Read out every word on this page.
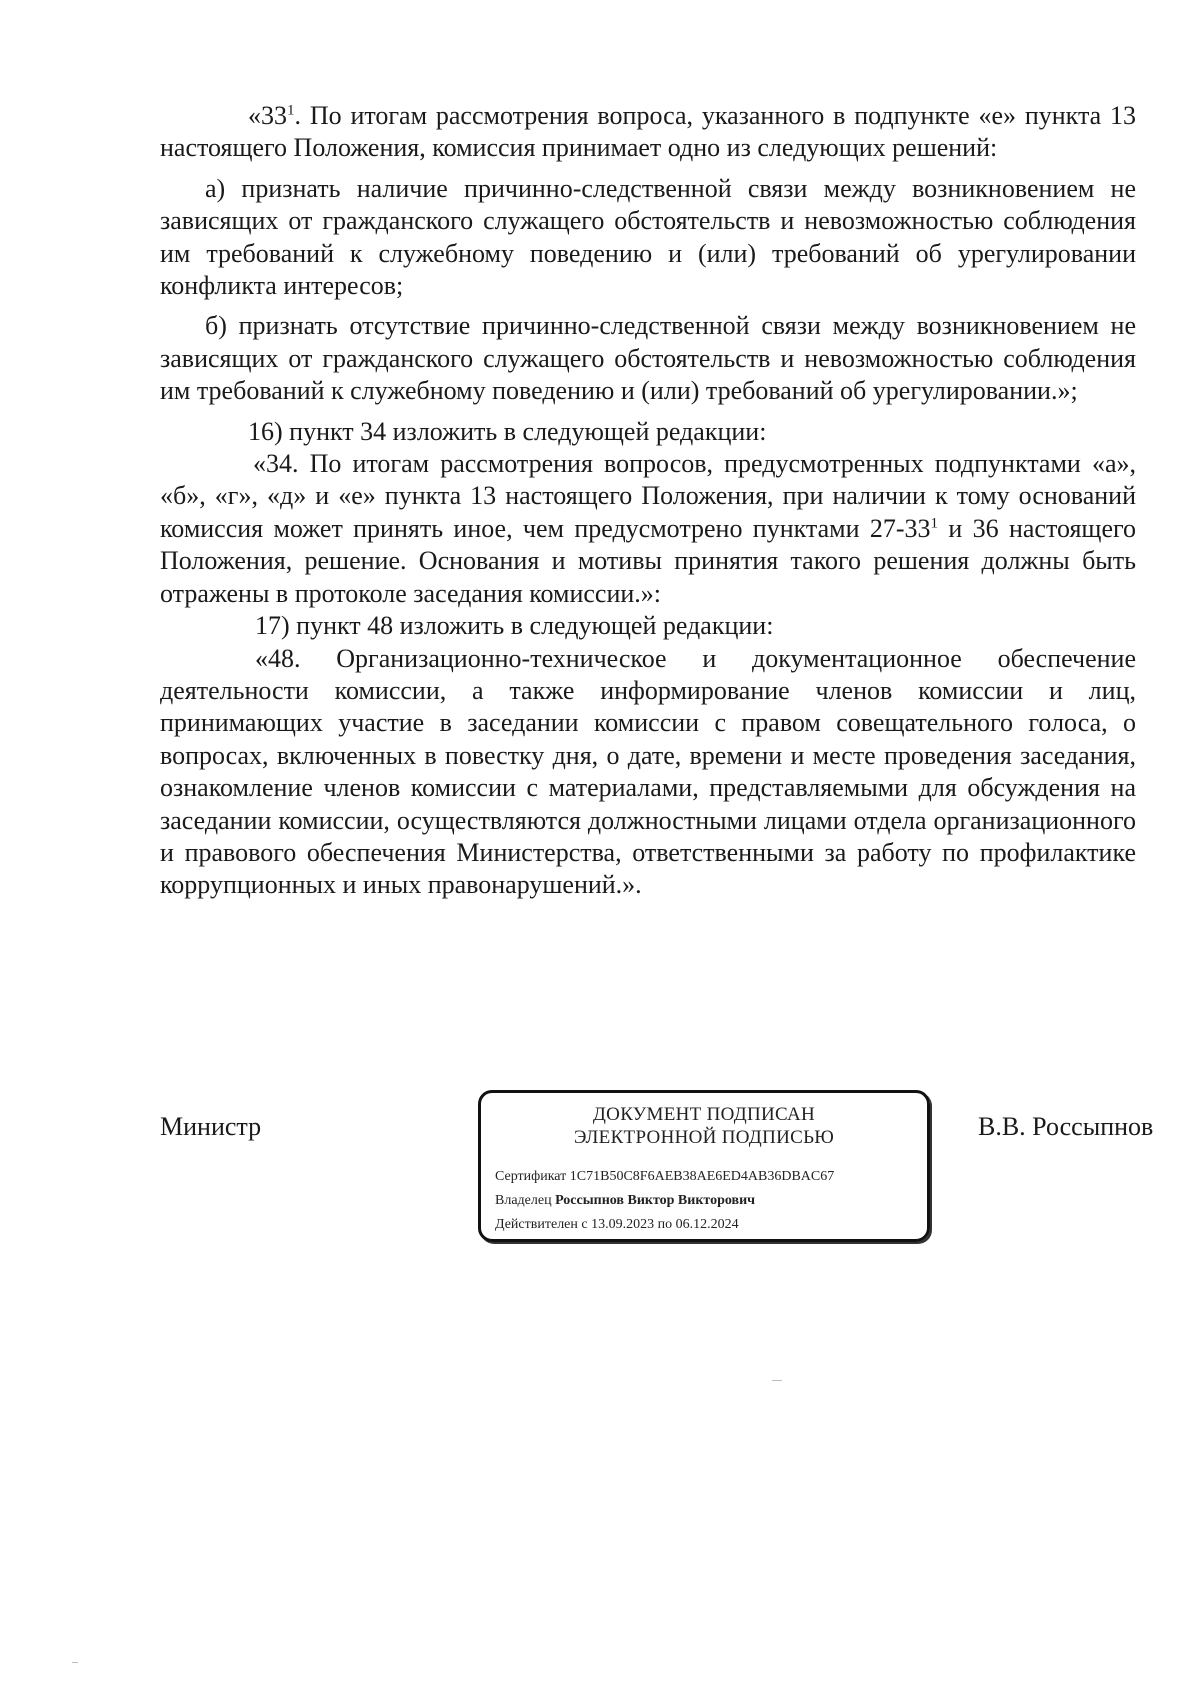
«$33^1$. По итогам рассмотрения вопроса, указанного в подпункте «е» пункта 13 настоящего Положения, комиссия принимает одно из следующих решений:

а) признать наличие причинно-следственной связи между возникновением не зависящих от гражданского служащего обстоятельств и невозможностью соблюдения им требований к служебному поведению и (или) требований об урегулировании конфликта интересов;

б) признать отсутствие причинно-следственной связи между возникновением не зависящих от гражданского служащего обстоятельств и невозможностью соблюдения им требований к служебному поведению и (или) требований об урегулировании.»;

16) пункт 34 изложить в следующей редакции:

«34. По итогам рассмотрения вопросов, предусмотренных подпунктами «а», «б», «г», «д» и «е» пункта 13 настоящего Положения, при наличии к тому оснований комиссия может принять иное, чем предусмотрено пунктами $27-33^1$ и 36 настоящего Положения, решение. Основания и мотивы принятия такого решения должны быть отражены в протоколе заседания комиссии.»:

17) пункт 48 изложить в следующей редакции:

«48. Организационно-техническое и документационное обеспечение деятельности комиссии, а также информирование членов комиссии и лиц, принимающих участие в заседании комиссии с правом совещательного голоса, о вопросах, включенных в повестку дня, о дате, времени и месте проведения заседания, ознакомление членов комиссии с материалами, представляемыми для обсуждения на заседании комиссии, осуществляются должностными лицами отдела организационного и правового обеспечения Министерства, ответственными за работу по профилактике коррупционных и иных правонарушений.».

Министр	ДОКУМЕНТ ПОДПИСАН
ЭЛЕКТРОННОЙ ПОДПИСЬЮ
Сертификат 1C71B50C8F6AEB38AE6ED4AB36DBAC67
Владелец Россыпнов Виктор Викторович
Действителен с 13.09.2023 по 06.12.2024
В.В. Россыпнов
